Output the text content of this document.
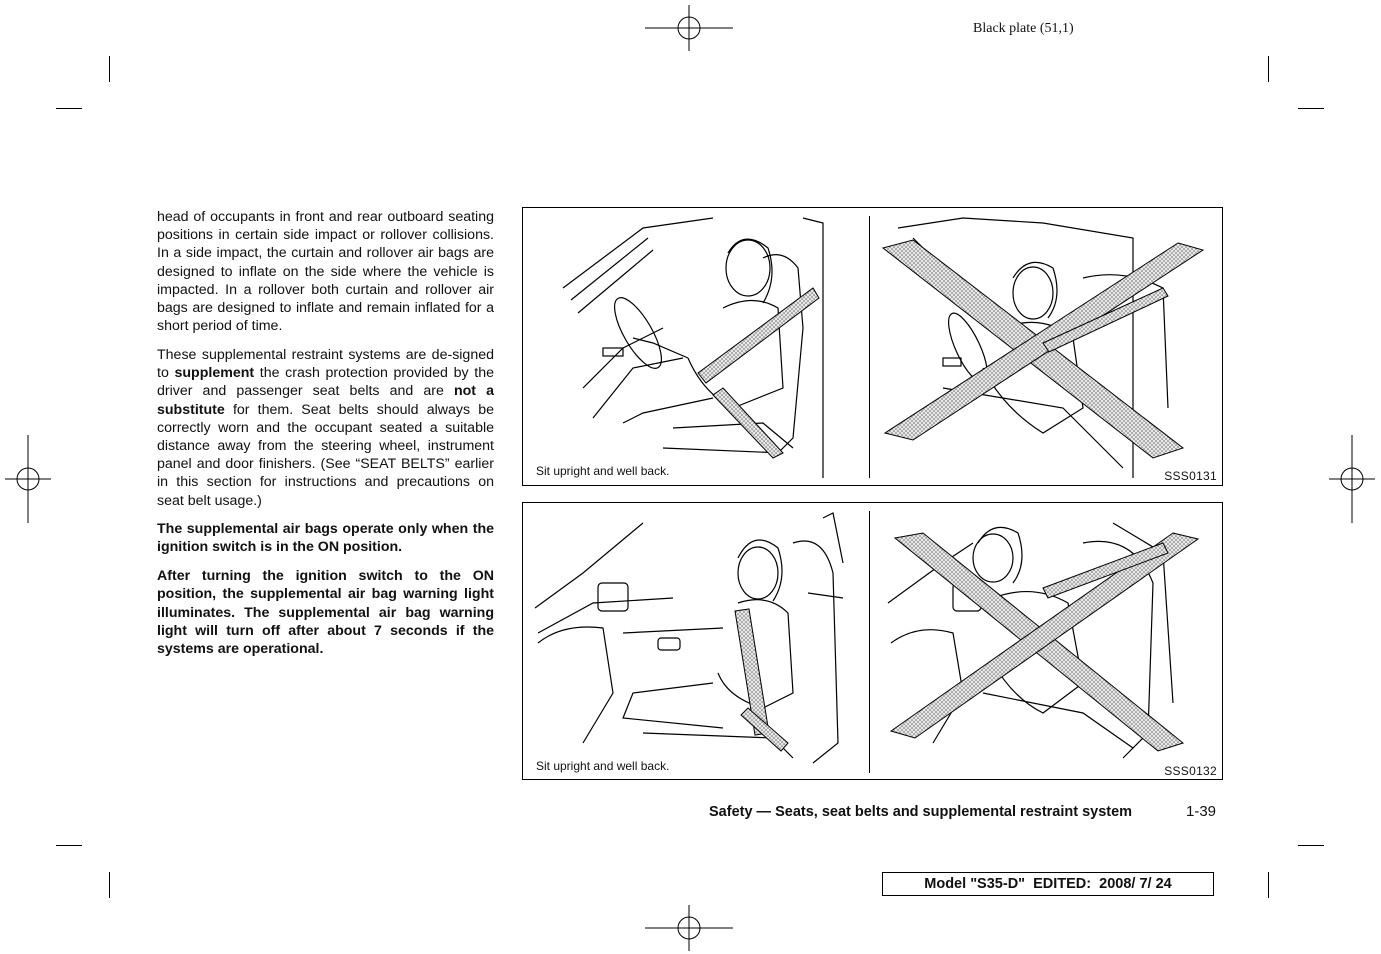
Black plate (51,1)

head of occupants in front and rear outboard seating positions in certain side impact or rollover collisions. In a side impact, the curtain and rollover air bags are designed to inflate on the side where the vehicle is impacted. In a rollover both curtain and rollover air bags are designed to inflate and remain inflated for a short period of time.

These supplemental restraint systems are de-signed to supplement the crash protection provided by the driver and passenger seat belts and are not a substitute for them. Seat belts should always be correctly worn and the occupant seated a suitable distance away from the steering wheel, instrument panel and door finishers. (See “SEAT BELTS” earlier in this section for instructions and precautions on seat belt usage.)

The supplemental air bags operate only when the ignition switch is in the ON position.

After turning the ignition switch to the ON position, the supplemental air bag warning light illuminates. The supplemental air bag warning light will turn off after about 7 seconds if the systems are operational.

Sit upright and well back.	SSS0131
Sit upright and well back.	SSS0132
Safety — Seats, seat belts and supplemental restraint system	1-39
Model "S35-D"  EDITED:  2008/ 7/ 24
